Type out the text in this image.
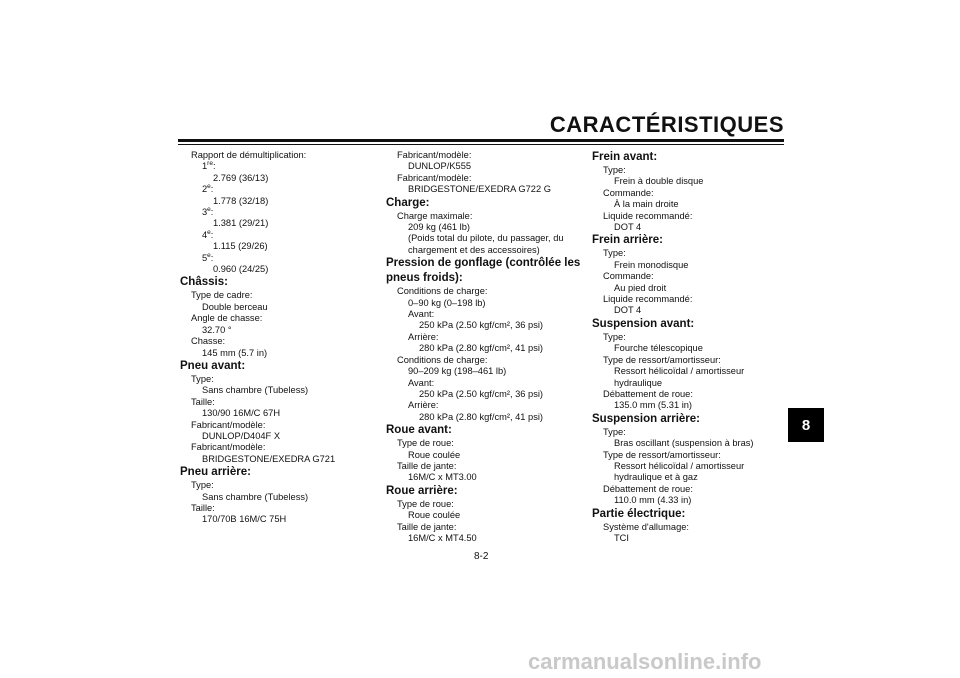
CARACTÉRISTIQUES
8
Rapport de démultiplication:
1re:
2.769 (36/13)
2e:
1.778 (32/18)
3e:
1.381 (29/21)
4e:
1.115 (29/26)
5e:
0.960 (24/25)
Châssis:
Type de cadre:
Double berceau
Angle de chasse:
32.70 °
Chasse:
145 mm (5.7 in)
Pneu avant:
Type:
Sans chambre (Tubeless)
Taille:
130/90 16M/C 67H
Fabricant/modèle:
DUNLOP/D404F X
Fabricant/modèle:
BRIDGESTONE/EXEDRA G721
Pneu arrière:
Type:
Sans chambre (Tubeless)
Taille:
170/70B 16M/C 75H
Fabricant/modèle:
DUNLOP/K555
Fabricant/modèle:
BRIDGESTONE/EXEDRA G722 G
Charge:
Charge maximale:
209 kg (461 lb)
(Poids total du pilote, du passager, du
chargement et des accessoires)
Pression de gonflage (contrôlée les
pneus froids):
Conditions de charge:
0–90 kg (0–198 lb)
Avant:
250 kPa (2.50 kgf/cm², 36 psi)
Arrière:
280 kPa (2.80 kgf/cm², 41 psi)
Conditions de charge:
90–209 kg (198–461 lb)
Avant:
250 kPa (2.50 kgf/cm², 36 psi)
Arrière:
280 kPa (2.80 kgf/cm², 41 psi)
Roue avant:
Type de roue:
Roue coulée
Taille de jante:
16M/C x MT3.00
Roue arrière:
Type de roue:
Roue coulée
Taille de jante:
16M/C x MT4.50
Frein avant:
Type:
Frein à double disque
Commande:
À la main droite
Liquide recommandé:
DOT 4
Frein arrière:
Type:
Frein monodisque
Commande:
Au pied droit
Liquide recommandé:
DOT 4
Suspension avant:
Type:
Fourche télescopique
Type de ressort/amortisseur:
Ressort hélicoïdal / amortisseur
hydraulique
Débattement de roue:
135.0 mm (5.31 in)
Suspension arrière:
Type:
Bras oscillant (suspension à bras)
Type de ressort/amortisseur:
Ressort hélicoïdal / amortisseur
hydraulique et à gaz
Débattement de roue:
110.0 mm (4.33 in)
Partie électrique:
Système d'allumage:
TCI
8-2
carmanualsonline.info
